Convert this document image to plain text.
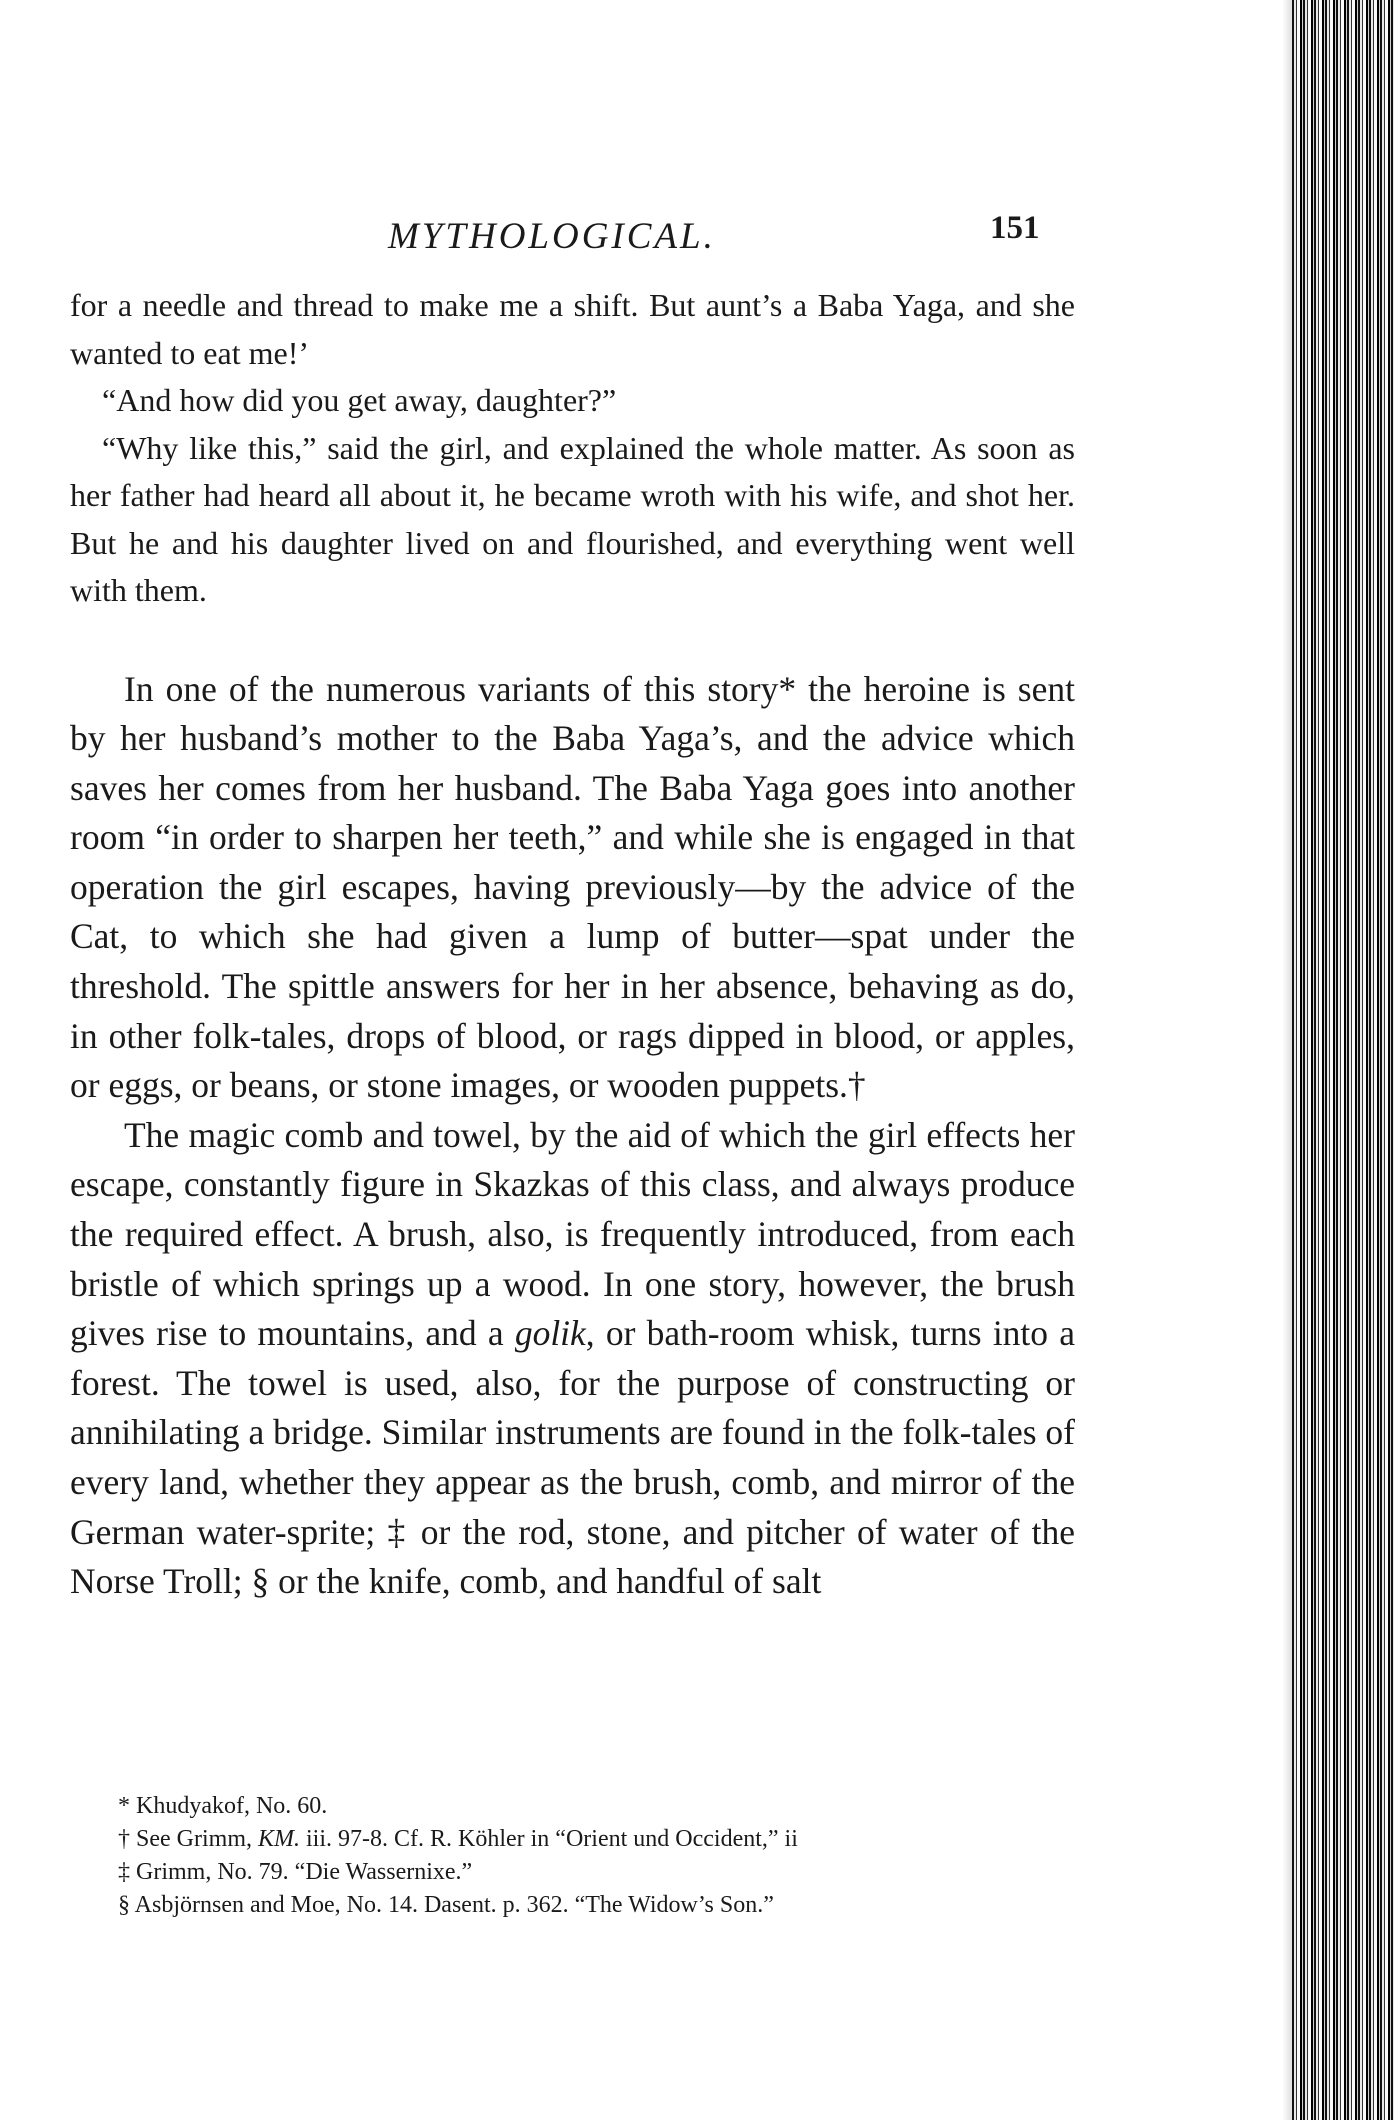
MYTHOLOGICAL.	151

for a needle and thread to make me a shift. But aunt’s a Baba Yaga, and she wanted to eat me!’

“And how did you get away, daughter?”

“Why like this,” said the girl, and explained the whole matter. As soon as her father had heard all about it, he became wroth with his wife, and shot her. But he and his daughter lived on and flourished, and everything went well with them.

In one of the numerous variants of this story* the heroine is sent by her husband’s mother to the Baba Yaga’s, and the advice which saves her comes from her husband. The Baba Yaga goes into another room “in order to sharpen her teeth,” and while she is engaged in that operation the girl escapes, having previously—by the advice of the Cat, to which she had given a lump of butter—spat under the threshold. The spittle answers for her in her absence, behaving as do, in other folk-tales, drops of blood, or rags dipped in blood, or apples, or eggs, or beans, or stone images, or wooden puppets.†

The magic comb and towel, by the aid of which the girl effects her escape, constantly figure in Skazkas of this class, and always produce the required effect. A brush, also, is frequently introduced, from each bristle of which springs up a wood. In one story, however, the brush gives rise to mountains, and a golik, or bath-room whisk, turns into a forest. The towel is used, also, for the purpose of constructing or annihilating a bridge. Similar instruments are found in the folk-tales of every land, whether they appear as the brush, comb, and mirror of the German water-sprite; ‡ or the rod, stone, and pitcher of water of the Norse Troll; § or the knife, comb, and handful of salt

* Khudyakof, No. 60.
† See Grimm, KM. iii. 97-8. Cf. R. Köhler in “Orient und Occident,” ii
‡ Grimm, No. 79. “Die Wassernixe.”
§ Asbjörnsen and Moe, No. 14. Dasent. p. 362. “The Widow’s Son.”
